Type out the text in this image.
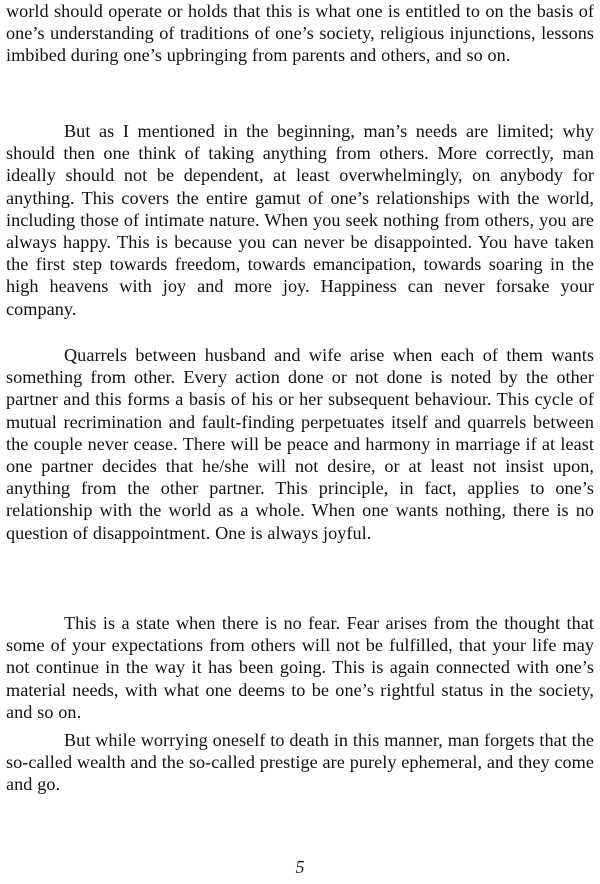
world should operate or holds that this is what one is entitled to on the basis of one’s understanding of traditions of one’s society, religious injunctions, lessons imbibed during one’s upbringing from parents and others, and so on.

But as I mentioned in the beginning, man’s needs are limited; why should then one think of taking anything from others. More correctly, man ideally should not be dependent, at least overwhelmingly, on anybody for anything. This covers the entire gamut of one’s relationships with the world, including those of intimate nature. When you seek nothing from others, you are always happy. This is because you can never be disappointed. You have taken the first step towards freedom, towards emancipation, towards soaring in the high heavens with joy and more joy. Happiness can never forsake your company.

Quarrels between husband and wife arise when each of them wants something from other. Every action done or not done is noted by the other partner and this forms a basis of his or her subsequent behaviour. This cycle of mutual recrimination and fault-finding perpetuates itself and quarrels between the couple never cease. There will be peace and harmony in marriage if at least one partner decides that he/she will not desire, or at least not insist upon, anything from the other partner. This principle, in fact, applies to one’s relationship with the world as a whole. When one wants nothing, there is no question of disappointment. One is always joyful.

This is a state when there is no fear. Fear arises from the thought that some of your expectations from others will not be fulfilled, that your life may not continue in the way it has been going. This is again connected with one’s material needs, with what one deems to be one’s rightful status in the society, and so on.

But while worrying oneself to death in this manner, man forgets that the so-called wealth and the so-called prestige are purely ephemeral, and they come and go.

5
